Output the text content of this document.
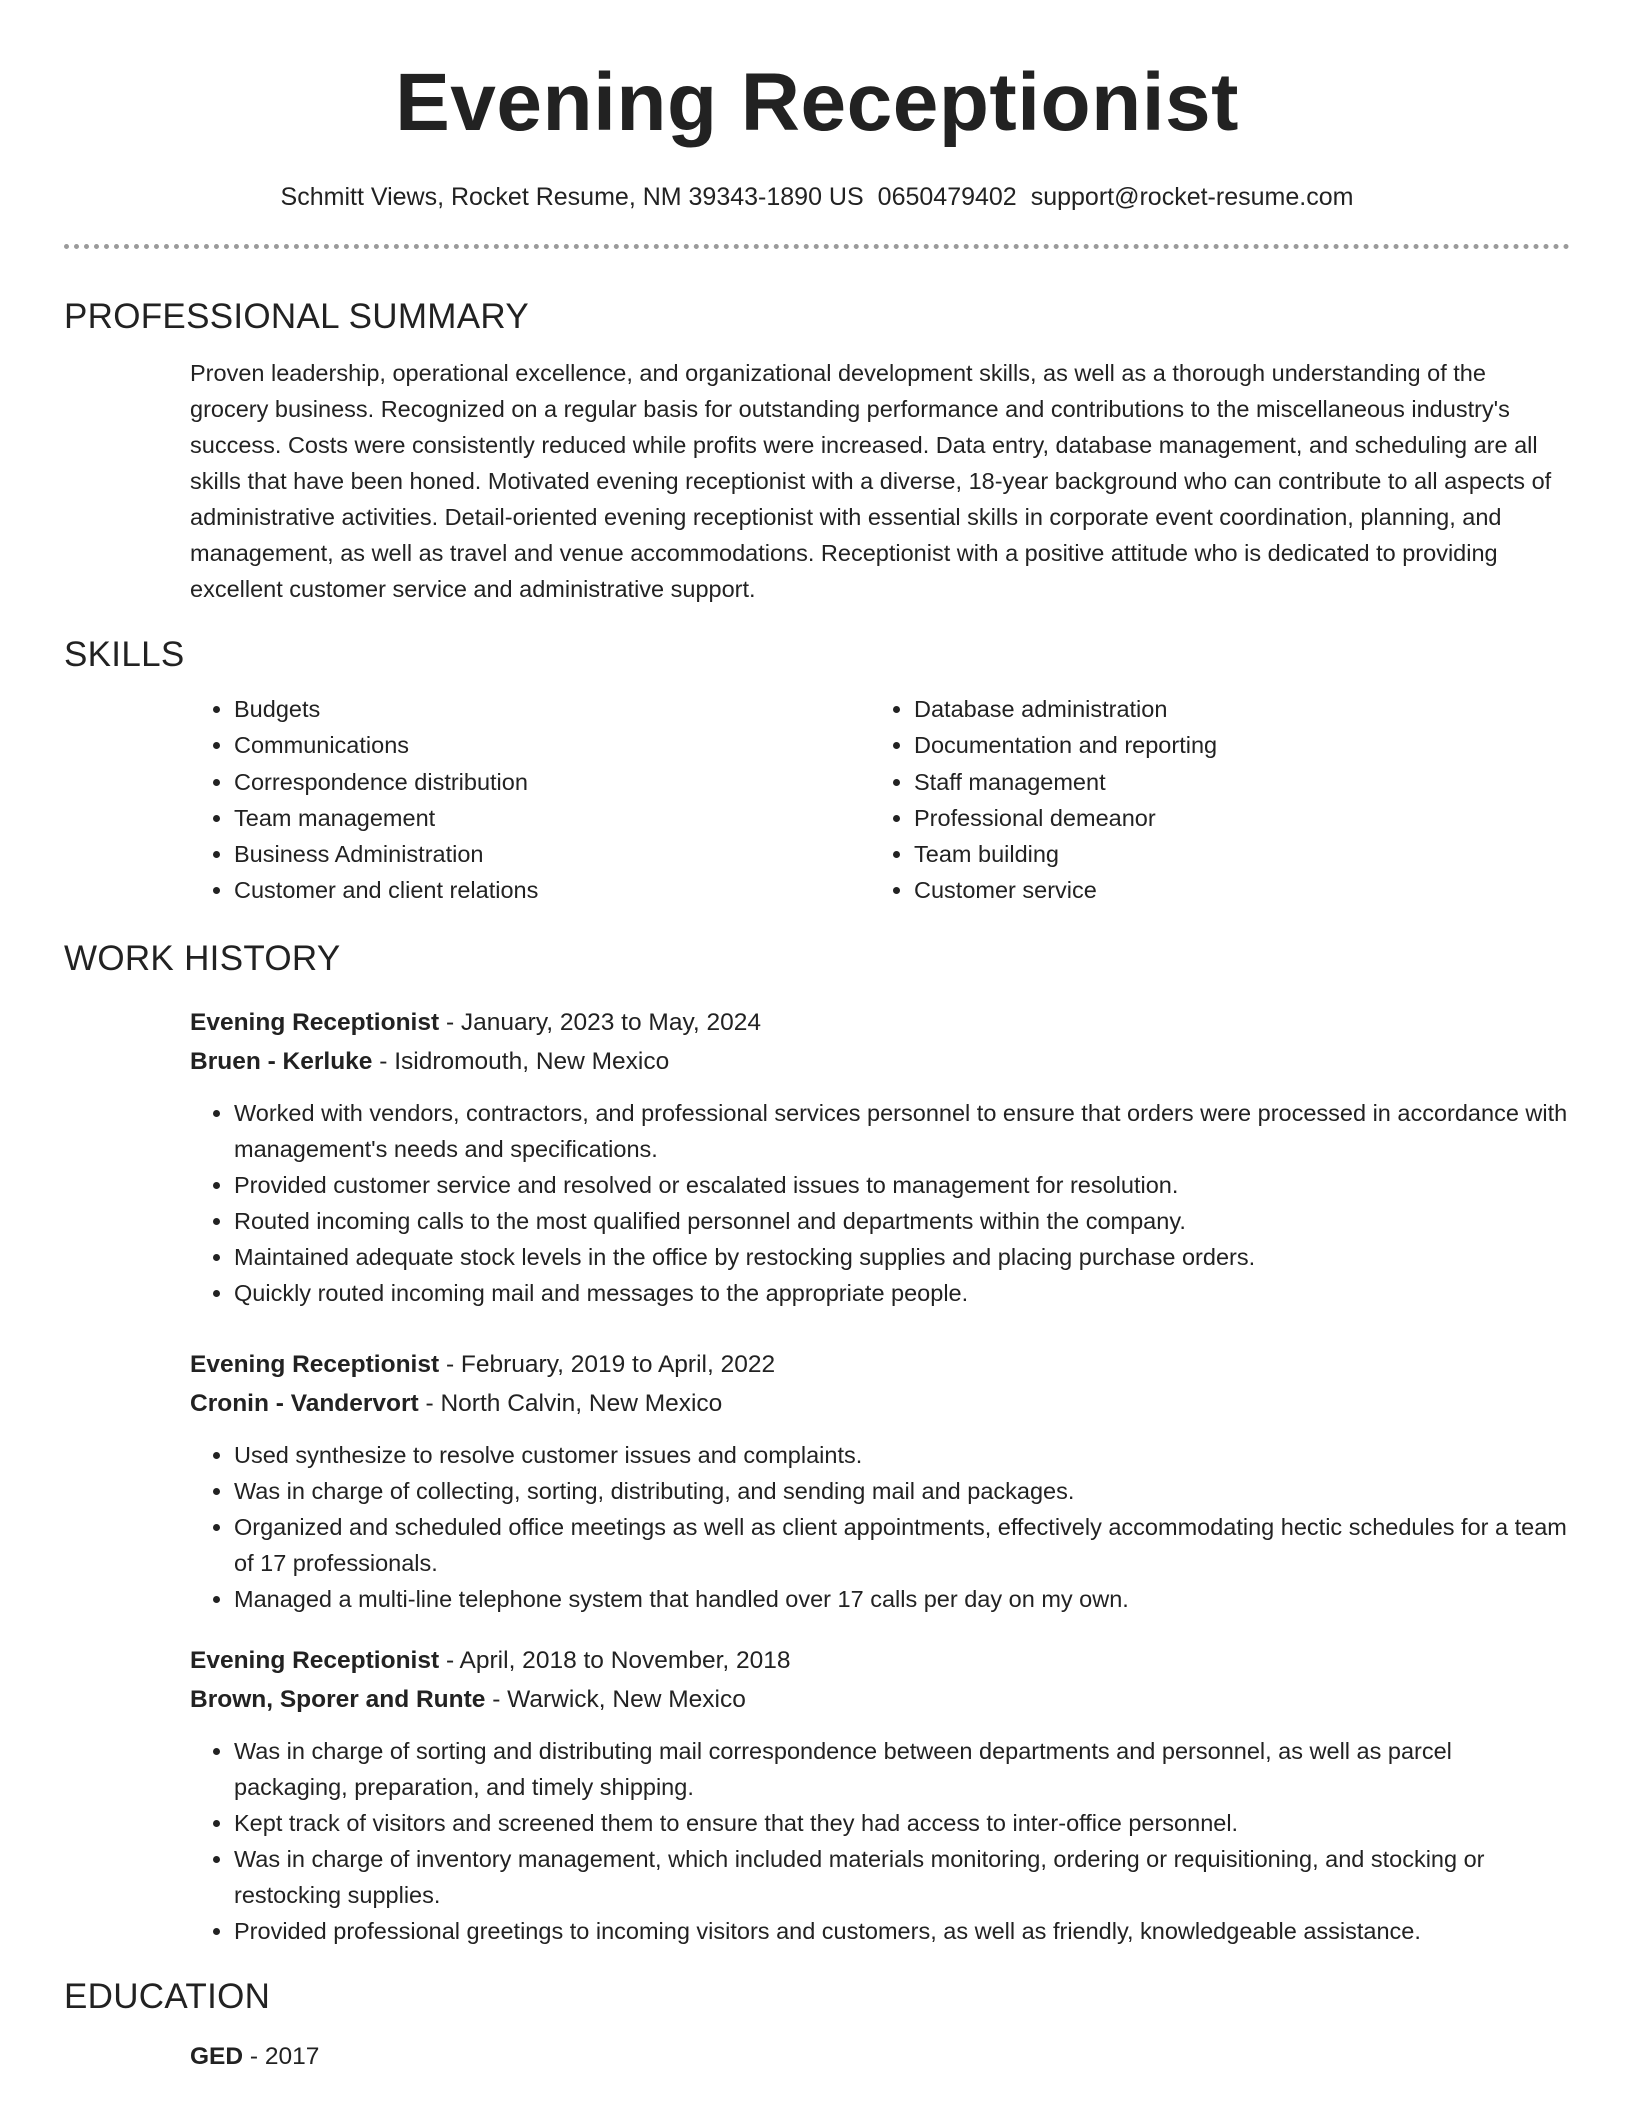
Evening Receptionist
Schmitt Views, Rocket Resume, NM 39343-1890 US 0650479402 support@rocket-resume.com
PROFESSIONAL SUMMARY

Proven leadership, operational excellence, and organizational development skills, as well as a thorough understanding of the grocery business. Recognized on a regular basis for outstanding performance and contributions to the miscellaneous industry's success. Costs were consistently reduced while profits were increased. Data entry, database management, and scheduling are all skills that have been honed. Motivated evening receptionist with a diverse, 18-year background who can contribute to all aspects of administrative activities. Detail-oriented evening receptionist with essential skills in corporate event coordination, planning, and management, as well as travel and venue accommodations. Receptionist with a positive attitude who is dedicated to providing excellent customer service and administrative support.

SKILLS
• Budgets
• Communications
• Correspondence distribution
• Team management
• Business Administration
• Customer and client relations
• Database administration
• Documentation and reporting
• Staff management
• Professional demeanor
• Team building
• Customer service
WORK HISTORY
Evening Receptionist - January, 2023 to May, 2024
Bruen - Kerluke - Isidromouth, New Mexico
• Worked with vendors, contractors, and professional services personnel to ensure that orders were processed in accordance with management's needs and specifications.
• Provided customer service and resolved or escalated issues to management for resolution.
• Routed incoming calls to the most qualified personnel and departments within the company.
• Maintained adequate stock levels in the office by restocking supplies and placing purchase orders.
• Quickly routed incoming mail and messages to the appropriate people.
Evening Receptionist - February, 2019 to April, 2022
Cronin - Vandervort - North Calvin, New Mexico
• Used synthesize to resolve customer issues and complaints.
• Was in charge of collecting, sorting, distributing, and sending mail and packages.
• Organized and scheduled office meetings as well as client appointments, effectively accommodating hectic schedules for a team of 17 professionals.
• Managed a multi-line telephone system that handled over 17 calls per day on my own.
Evening Receptionist - April, 2018 to November, 2018
Brown, Sporer and Runte - Warwick, New Mexico
• Was in charge of sorting and distributing mail correspondence between departments and personnel, as well as parcel packaging, preparation, and timely shipping.
• Kept track of visitors and screened them to ensure that they had access to inter-office personnel.
• Was in charge of inventory management, which included materials monitoring, ordering or requisitioning, and stocking or restocking supplies.
• Provided professional greetings to incoming visitors and customers, as well as friendly, knowledgeable assistance.
EDUCATION
GED - 2017
